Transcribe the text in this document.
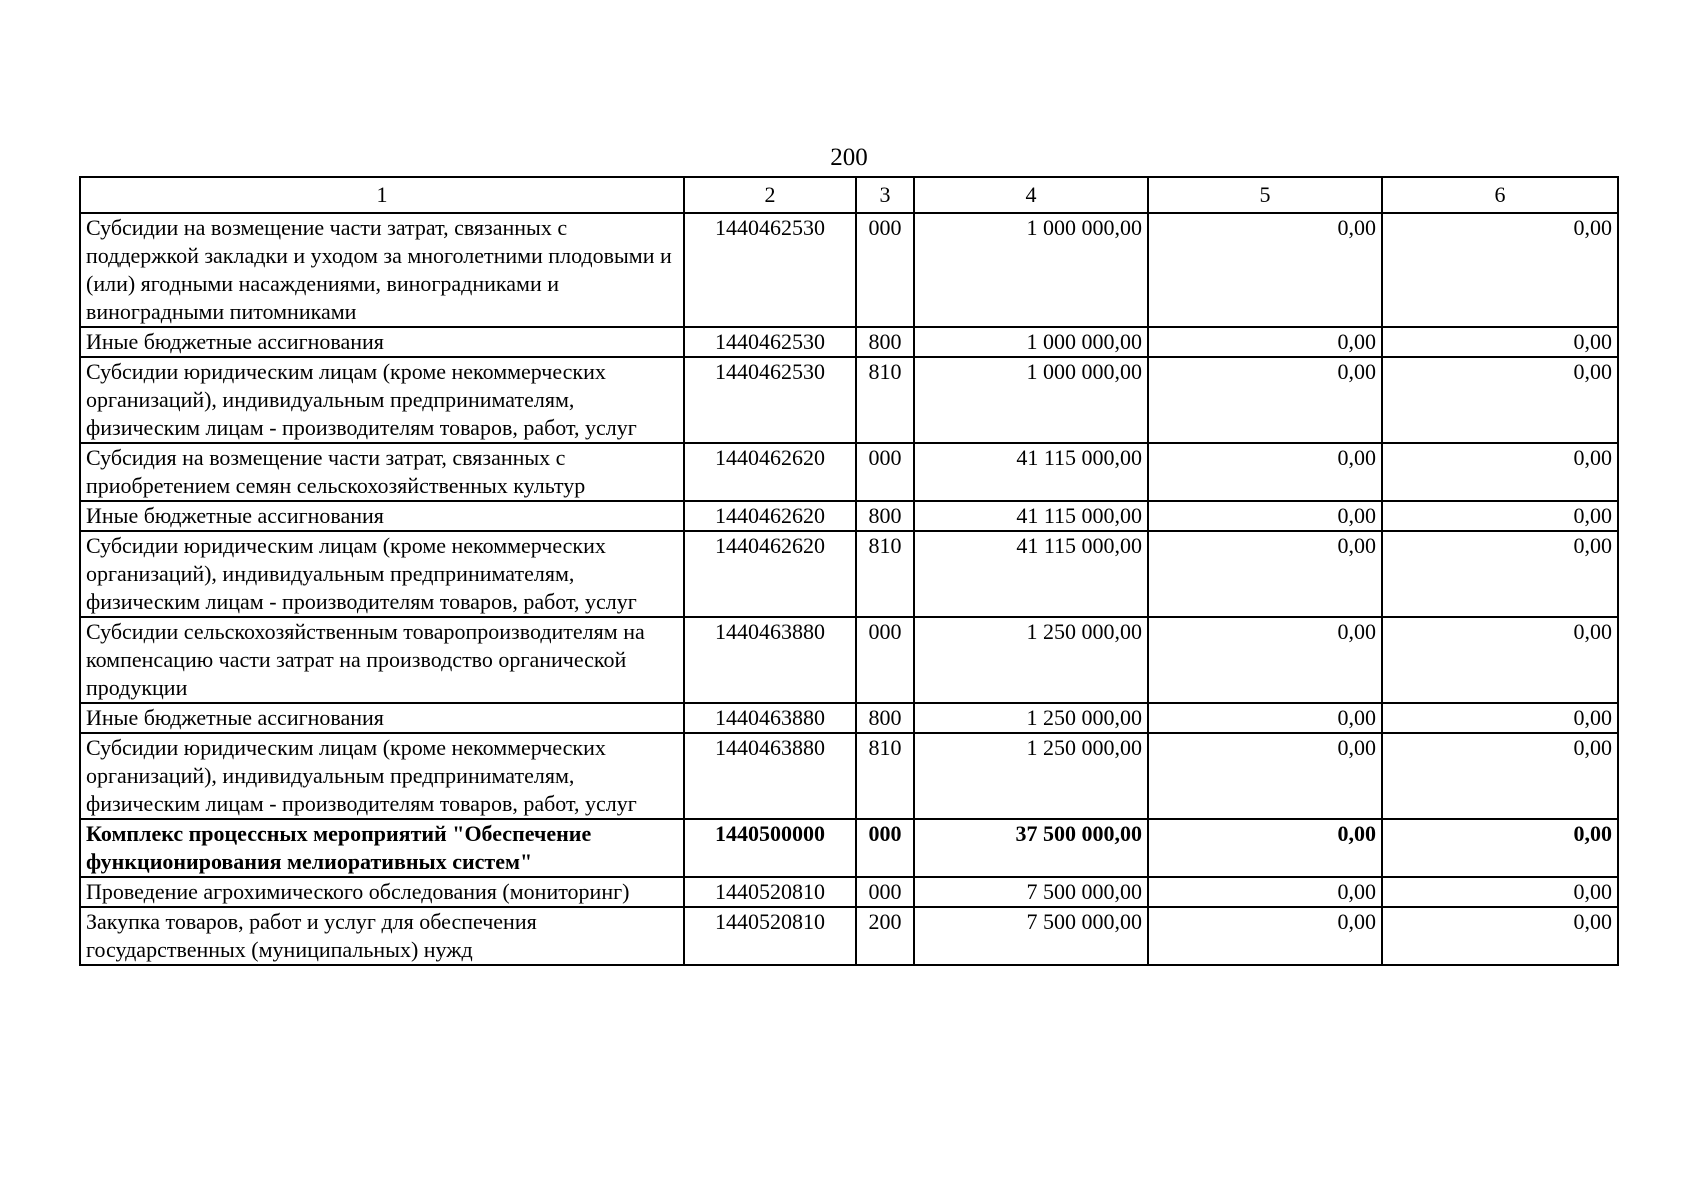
200
1	2	3	4	5	6
Субсидии на возмещение части затрат, связанных с поддержкой закладки и уходом за многолетними плодовыми и (или) ягодными насаждениями, виноградниками и виноградными питомниками	1440462530	000	1 000 000,00	0,00	0,00
Иные бюджетные ассигнования	1440462530	800	1 000 000,00	0,00	0,00
Субсидии юридическим лицам (кроме некоммерческих организаций), индивидуальным предпринимателям, физическим лицам - производителям товаров, работ, услуг	1440462530	810	1 000 000,00	0,00	0,00
Субсидия на возмещение части затрат, связанных с приобретением семян сельскохозяйственных культур	1440462620	000	41 115 000,00	0,00	0,00
Иные бюджетные ассигнования	1440462620	800	41 115 000,00	0,00	0,00
Субсидии юридическим лицам (кроме некоммерческих организаций), индивидуальным предпринимателям, физическим лицам - производителям товаров, работ, услуг	1440462620	810	41 115 000,00	0,00	0,00
Субсидии сельскохозяйственным товаропроизводителям на компенсацию части затрат на производство органической продукции	1440463880	000	1 250 000,00	0,00	0,00
Иные бюджетные ассигнования	1440463880	800	1 250 000,00	0,00	0,00
Субсидии юридическим лицам (кроме некоммерческих организаций), индивидуальным предпринимателям, физическим лицам - производителям товаров, работ, услуг	1440463880	810	1 250 000,00	0,00	0,00
Комплекс процессных мероприятий "Обеспечение функционирования мелиоративных систем"	1440500000	000	37 500 000,00	0,00	0,00
Проведение агрохимического обследования (мониторинг)	1440520810	000	7 500 000,00	0,00	0,00
Закупка товаров, работ и услуг для обеспечения государственных (муниципальных) нужд	1440520810	200	7 500 000,00	0,00	0,00
